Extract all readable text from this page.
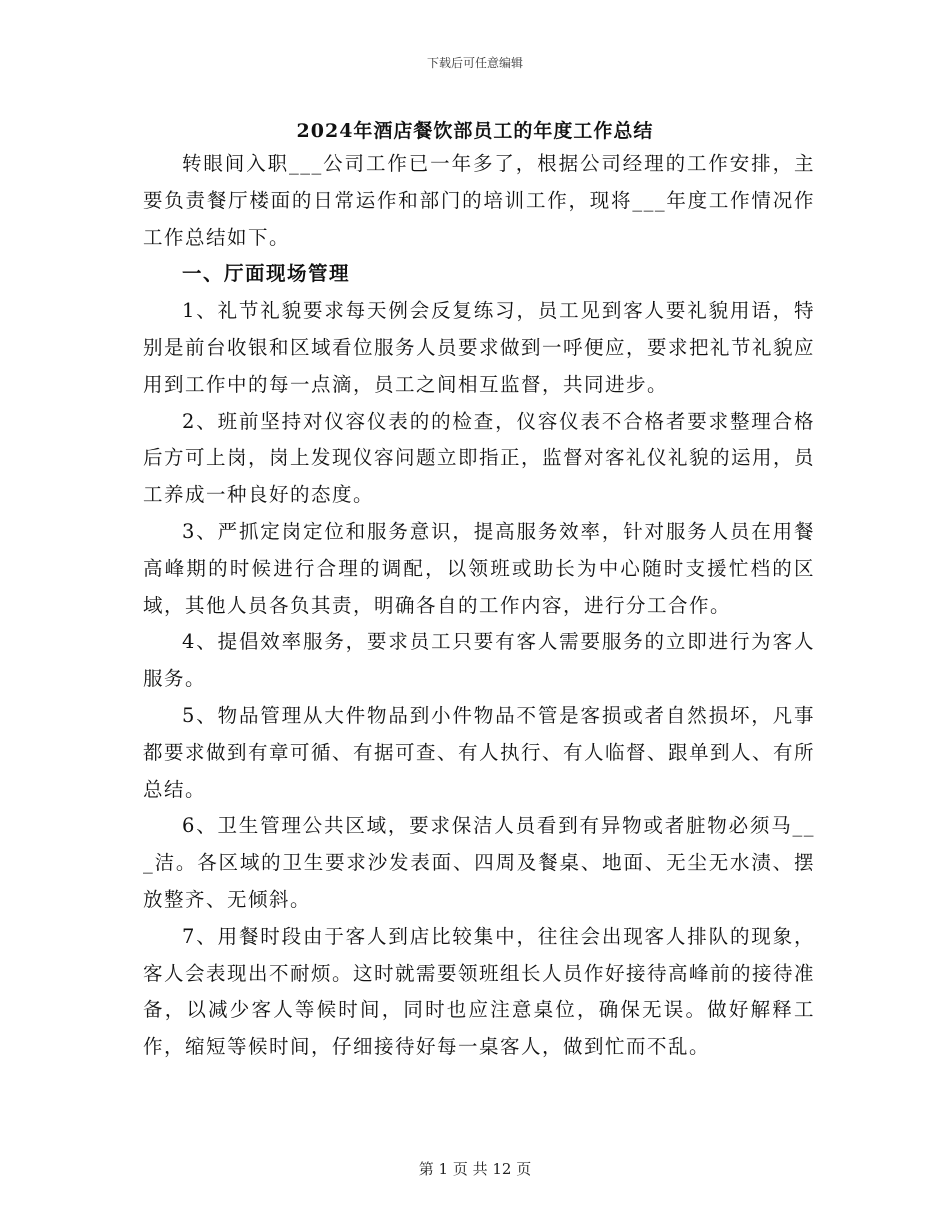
下载后可任意编辑
2024年酒店餐饮部员工的年度工作总结

转眼间入职___公司工作已一年多了，根据公司经理的工作安排，主要负责餐厅楼面的日常运作和部门的培训工作，现将___年度工作情况作工作总结如下。

一、厅面现场管理

1、礼节礼貌要求每天例会反复练习，员工见到客人要礼貌用语，特别是前台收银和区域看位服务人员要求做到一呼便应，要求把礼节礼貌应用到工作中的每一点滴，员工之间相互监督，共同进步。

2、班前坚持对仪容仪表的的检查，仪容仪表不合格者要求整理合格后方可上岗，岗上发现仪容问题立即指正，监督对客礼仪礼貌的运用，员工养成一种良好的态度。

3、严抓定岗定位和服务意识，提高服务效率，针对服务人员在用餐高峰期的时候进行合理的调配，以领班或助长为中心随时支援忙档的区域，其他人员各负其责，明确各自的工作内容，进行分工合作。

4、提倡效率服务，要求员工只要有客人需要服务的立即进行为客人服务。

5、物品管理从大件物品到小件物品不管是客损或者自然损坏，凡事都要求做到有章可循、有据可查、有人执行、有人临督、跟单到人、有所总结。

6、卫生管理公共区域，要求保洁人员看到有异物或者脏物必须马___洁。各区域的卫生要求沙发表面、四周及餐桌、地面、无尘无水渍、摆放整齐、无倾斜。

7、用餐时段由于客人到店比较集中，往往会出现客人排队的现象，客人会表现出不耐烦。这时就需要领班组长人员作好接待高峰前的接待准备，以减少客人等候时间，同时也应注意桌位，确保无误。做好解释工作，缩短等候时间，仔细接待好每一桌客人，做到忙而不乱。

第 1 页 共 12 页
